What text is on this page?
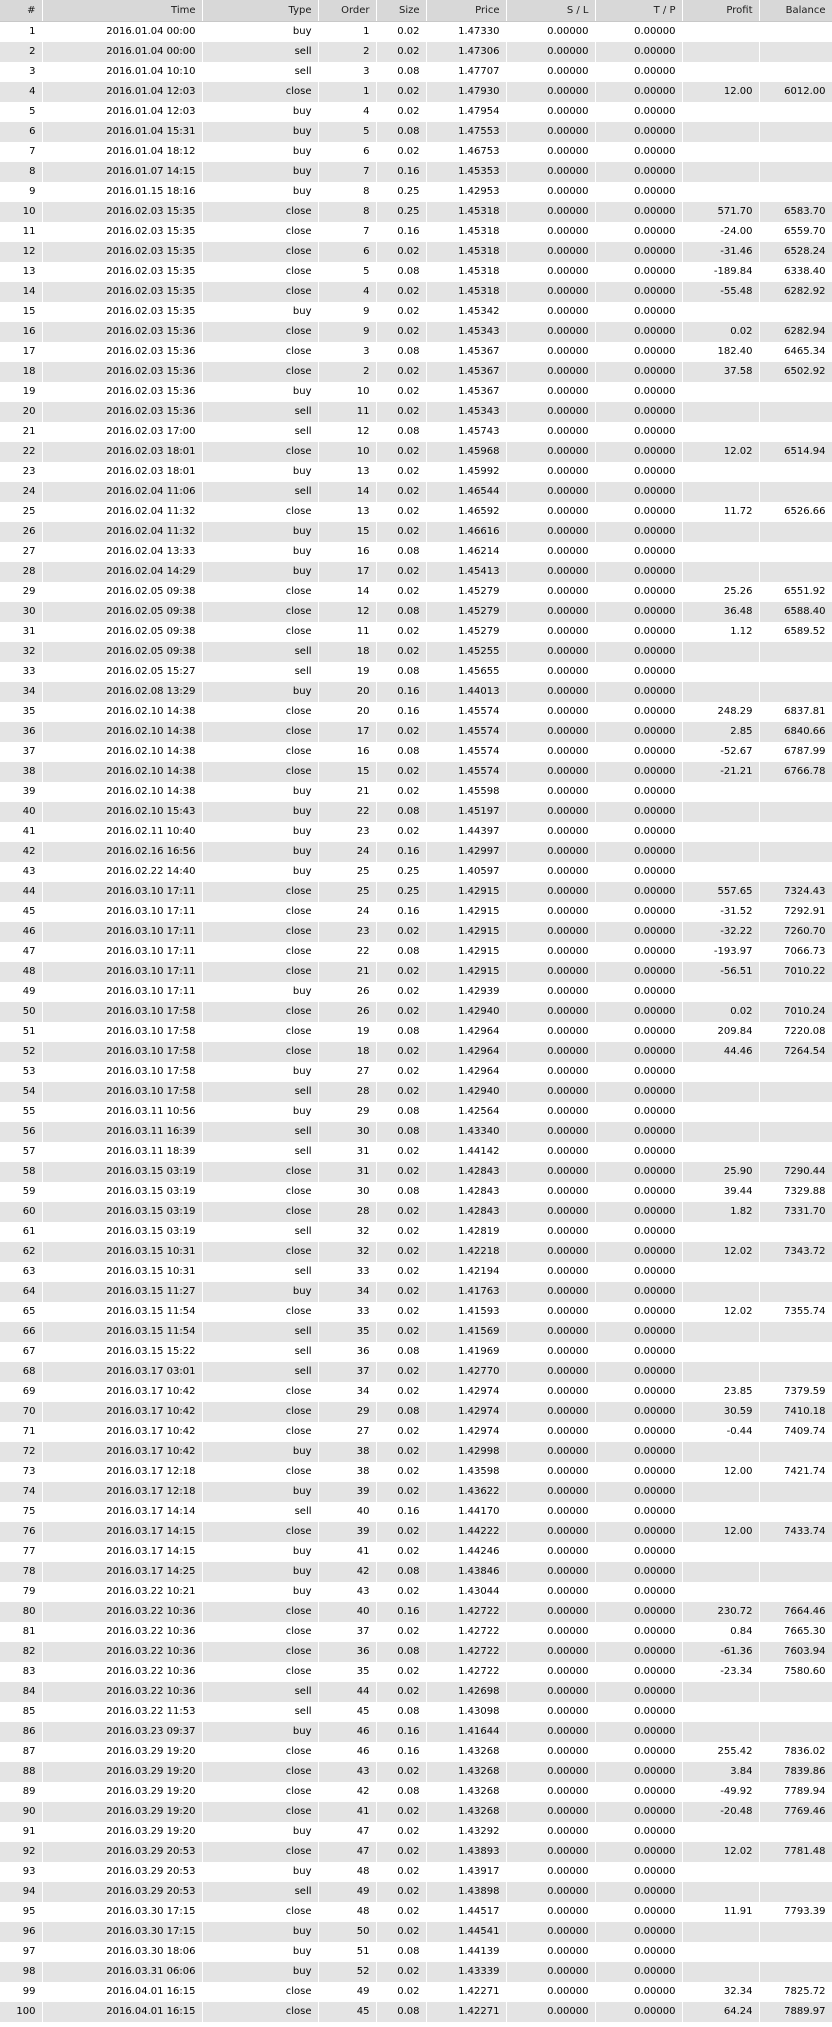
#	Time	Type	Order	Size	Price	S / L	T / P	Profit	Balance
1	2016.01.04 00:00	buy	1	0.02	1.47330	0.00000	0.00000		
2	2016.01.04 00:00	sell	2	0.02	1.47306	0.00000	0.00000		
3	2016.01.04 10:10	sell	3	0.08	1.47707	0.00000	0.00000		
4	2016.01.04 12:03	close	1	0.02	1.47930	0.00000	0.00000	12.00	6012.00
5	2016.01.04 12:03	buy	4	0.02	1.47954	0.00000	0.00000		
6	2016.01.04 15:31	buy	5	0.08	1.47553	0.00000	0.00000		
7	2016.01.04 18:12	buy	6	0.02	1.46753	0.00000	0.00000		
8	2016.01.07 14:15	buy	7	0.16	1.45353	0.00000	0.00000		
9	2016.01.15 18:16	buy	8	0.25	1.42953	0.00000	0.00000		
10	2016.02.03 15:35	close	8	0.25	1.45318	0.00000	0.00000	571.70	6583.70
11	2016.02.03 15:35	close	7	0.16	1.45318	0.00000	0.00000	-24.00	6559.70
12	2016.02.03 15:35	close	6	0.02	1.45318	0.00000	0.00000	-31.46	6528.24
13	2016.02.03 15:35	close	5	0.08	1.45318	0.00000	0.00000	-189.84	6338.40
14	2016.02.03 15:35	close	4	0.02	1.45318	0.00000	0.00000	-55.48	6282.92
15	2016.02.03 15:35	buy	9	0.02	1.45342	0.00000	0.00000		
16	2016.02.03 15:36	close	9	0.02	1.45343	0.00000	0.00000	0.02	6282.94
17	2016.02.03 15:36	close	3	0.08	1.45367	0.00000	0.00000	182.40	6465.34
18	2016.02.03 15:36	close	2	0.02	1.45367	0.00000	0.00000	37.58	6502.92
19	2016.02.03 15:36	buy	10	0.02	1.45367	0.00000	0.00000		
20	2016.02.03 15:36	sell	11	0.02	1.45343	0.00000	0.00000		
21	2016.02.03 17:00	sell	12	0.08	1.45743	0.00000	0.00000		
22	2016.02.03 18:01	close	10	0.02	1.45968	0.00000	0.00000	12.02	6514.94
23	2016.02.03 18:01	buy	13	0.02	1.45992	0.00000	0.00000		
24	2016.02.04 11:06	sell	14	0.02	1.46544	0.00000	0.00000		
25	2016.02.04 11:32	close	13	0.02	1.46592	0.00000	0.00000	11.72	6526.66
26	2016.02.04 11:32	buy	15	0.02	1.46616	0.00000	0.00000		
27	2016.02.04 13:33	buy	16	0.08	1.46214	0.00000	0.00000		
28	2016.02.04 14:29	buy	17	0.02	1.45413	0.00000	0.00000		
29	2016.02.05 09:38	close	14	0.02	1.45279	0.00000	0.00000	25.26	6551.92
30	2016.02.05 09:38	close	12	0.08	1.45279	0.00000	0.00000	36.48	6588.40
31	2016.02.05 09:38	close	11	0.02	1.45279	0.00000	0.00000	1.12	6589.52
32	2016.02.05 09:38	sell	18	0.02	1.45255	0.00000	0.00000		
33	2016.02.05 15:27	sell	19	0.08	1.45655	0.00000	0.00000		
34	2016.02.08 13:29	buy	20	0.16	1.44013	0.00000	0.00000		
35	2016.02.10 14:38	close	20	0.16	1.45574	0.00000	0.00000	248.29	6837.81
36	2016.02.10 14:38	close	17	0.02	1.45574	0.00000	0.00000	2.85	6840.66
37	2016.02.10 14:38	close	16	0.08	1.45574	0.00000	0.00000	-52.67	6787.99
38	2016.02.10 14:38	close	15	0.02	1.45574	0.00000	0.00000	-21.21	6766.78
39	2016.02.10 14:38	buy	21	0.02	1.45598	0.00000	0.00000		
40	2016.02.10 15:43	buy	22	0.08	1.45197	0.00000	0.00000		
41	2016.02.11 10:40	buy	23	0.02	1.44397	0.00000	0.00000		
42	2016.02.16 16:56	buy	24	0.16	1.42997	0.00000	0.00000		
43	2016.02.22 14:40	buy	25	0.25	1.40597	0.00000	0.00000		
44	2016.03.10 17:11	close	25	0.25	1.42915	0.00000	0.00000	557.65	7324.43
45	2016.03.10 17:11	close	24	0.16	1.42915	0.00000	0.00000	-31.52	7292.91
46	2016.03.10 17:11	close	23	0.02	1.42915	0.00000	0.00000	-32.22	7260.70
47	2016.03.10 17:11	close	22	0.08	1.42915	0.00000	0.00000	-193.97	7066.73
48	2016.03.10 17:11	close	21	0.02	1.42915	0.00000	0.00000	-56.51	7010.22
49	2016.03.10 17:11	buy	26	0.02	1.42939	0.00000	0.00000		
50	2016.03.10 17:58	close	26	0.02	1.42940	0.00000	0.00000	0.02	7010.24
51	2016.03.10 17:58	close	19	0.08	1.42964	0.00000	0.00000	209.84	7220.08
52	2016.03.10 17:58	close	18	0.02	1.42964	0.00000	0.00000	44.46	7264.54
53	2016.03.10 17:58	buy	27	0.02	1.42964	0.00000	0.00000		
54	2016.03.10 17:58	sell	28	0.02	1.42940	0.00000	0.00000		
55	2016.03.11 10:56	buy	29	0.08	1.42564	0.00000	0.00000		
56	2016.03.11 16:39	sell	30	0.08	1.43340	0.00000	0.00000		
57	2016.03.11 18:39	sell	31	0.02	1.44142	0.00000	0.00000		
58	2016.03.15 03:19	close	31	0.02	1.42843	0.00000	0.00000	25.90	7290.44
59	2016.03.15 03:19	close	30	0.08	1.42843	0.00000	0.00000	39.44	7329.88
60	2016.03.15 03:19	close	28	0.02	1.42843	0.00000	0.00000	1.82	7331.70
61	2016.03.15 03:19	sell	32	0.02	1.42819	0.00000	0.00000		
62	2016.03.15 10:31	close	32	0.02	1.42218	0.00000	0.00000	12.02	7343.72
63	2016.03.15 10:31	sell	33	0.02	1.42194	0.00000	0.00000		
64	2016.03.15 11:27	buy	34	0.02	1.41763	0.00000	0.00000		
65	2016.03.15 11:54	close	33	0.02	1.41593	0.00000	0.00000	12.02	7355.74
66	2016.03.15 11:54	sell	35	0.02	1.41569	0.00000	0.00000		
67	2016.03.15 15:22	sell	36	0.08	1.41969	0.00000	0.00000		
68	2016.03.17 03:01	sell	37	0.02	1.42770	0.00000	0.00000		
69	2016.03.17 10:42	close	34	0.02	1.42974	0.00000	0.00000	23.85	7379.59
70	2016.03.17 10:42	close	29	0.08	1.42974	0.00000	0.00000	30.59	7410.18
71	2016.03.17 10:42	close	27	0.02	1.42974	0.00000	0.00000	-0.44	7409.74
72	2016.03.17 10:42	buy	38	0.02	1.42998	0.00000	0.00000		
73	2016.03.17 12:18	close	38	0.02	1.43598	0.00000	0.00000	12.00	7421.74
74	2016.03.17 12:18	buy	39	0.02	1.43622	0.00000	0.00000		
75	2016.03.17 14:14	sell	40	0.16	1.44170	0.00000	0.00000		
76	2016.03.17 14:15	close	39	0.02	1.44222	0.00000	0.00000	12.00	7433.74
77	2016.03.17 14:15	buy	41	0.02	1.44246	0.00000	0.00000		
78	2016.03.17 14:25	buy	42	0.08	1.43846	0.00000	0.00000		
79	2016.03.22 10:21	buy	43	0.02	1.43044	0.00000	0.00000		
80	2016.03.22 10:36	close	40	0.16	1.42722	0.00000	0.00000	230.72	7664.46
81	2016.03.22 10:36	close	37	0.02	1.42722	0.00000	0.00000	0.84	7665.30
82	2016.03.22 10:36	close	36	0.08	1.42722	0.00000	0.00000	-61.36	7603.94
83	2016.03.22 10:36	close	35	0.02	1.42722	0.00000	0.00000	-23.34	7580.60
84	2016.03.22 10:36	sell	44	0.02	1.42698	0.00000	0.00000		
85	2016.03.22 11:53	sell	45	0.08	1.43098	0.00000	0.00000		
86	2016.03.23 09:37	buy	46	0.16	1.41644	0.00000	0.00000		
87	2016.03.29 19:20	close	46	0.16	1.43268	0.00000	0.00000	255.42	7836.02
88	2016.03.29 19:20	close	43	0.02	1.43268	0.00000	0.00000	3.84	7839.86
89	2016.03.29 19:20	close	42	0.08	1.43268	0.00000	0.00000	-49.92	7789.94
90	2016.03.29 19:20	close	41	0.02	1.43268	0.00000	0.00000	-20.48	7769.46
91	2016.03.29 19:20	buy	47	0.02	1.43292	0.00000	0.00000		
92	2016.03.29 20:53	close	47	0.02	1.43893	0.00000	0.00000	12.02	7781.48
93	2016.03.29 20:53	buy	48	0.02	1.43917	0.00000	0.00000		
94	2016.03.29 20:53	sell	49	0.02	1.43898	0.00000	0.00000		
95	2016.03.30 17:15	close	48	0.02	1.44517	0.00000	0.00000	11.91	7793.39
96	2016.03.30 17:15	buy	50	0.02	1.44541	0.00000	0.00000		
97	2016.03.30 18:06	buy	51	0.08	1.44139	0.00000	0.00000		
98	2016.03.31 06:06	buy	52	0.02	1.43339	0.00000	0.00000		
99	2016.04.01 16:15	close	49	0.02	1.42271	0.00000	0.00000	32.34	7825.72
100	2016.04.01 16:15	close	45	0.08	1.42271	0.00000	0.00000	64.24	7889.97
